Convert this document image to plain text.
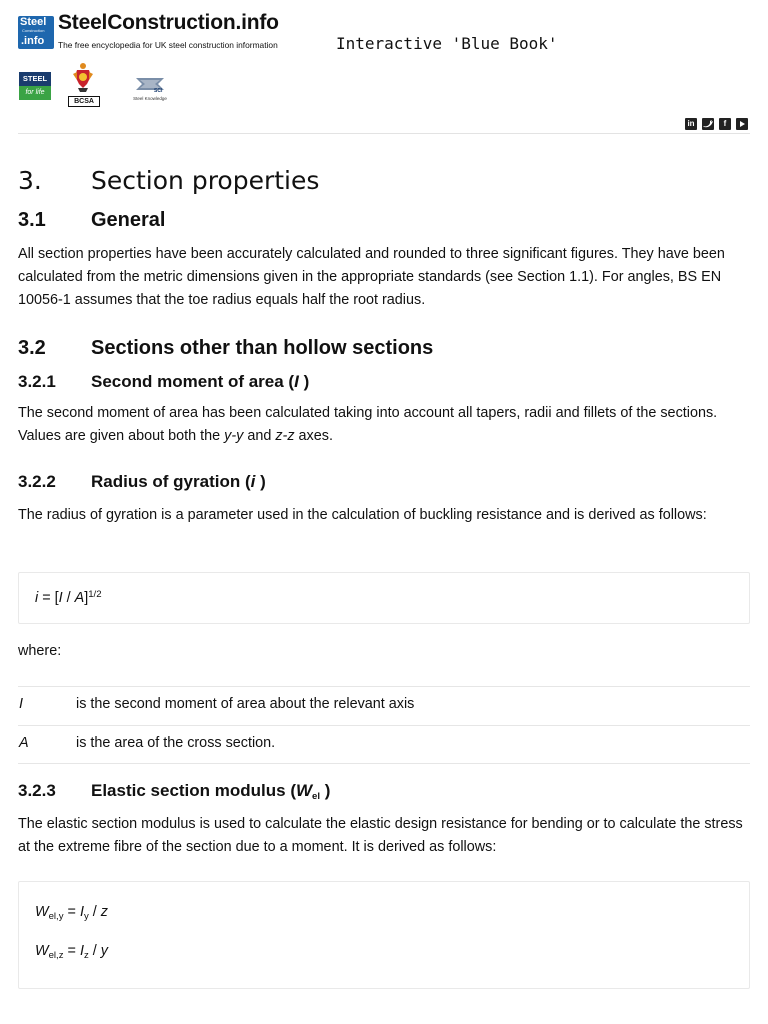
Steel
Construction
.info
SteelConstruction.info
The free encyclopedia for UK steel construction information	Interactive 'Blue Book'
STEEL
for life
BCSA
SCI
Steel Knowledge
in	f
3. Section properties
3.1 General

All section properties have been accurately calculated and rounded to three significant figures. They have been calculated from the metric dimensions given in the appropriate standards (see Section 1.1). For angles, BS EN 10056-1 assumes that the toe radius equals half the root radius.

3.2 Sections other than hollow sections
3.2.1 Second moment of area (I )

The second moment of area has been calculated taking into account all tapers, radii and fillets of the sections. Values are given about both the y-y and z-z axes.

3.2.2 Radius of gyration (i )

The radius of gyration is a parameter used in the calculation of buckling resistance and is derived as follows:

i = [I / A]$^{1/2}$

where:

I	is the second moment of area about the relevant axis
A	is the area of the cross section.
3.2.3 Elastic section modulus ($W_{el}$ )

The elastic section modulus is used to calculate the elastic design resistance for bending or to calculate the stress at the extreme fibre of the section due to a moment. It is derived as follows:

$W_{el,y} = I_y / z$
$W_{el,z} = I_z / y$
